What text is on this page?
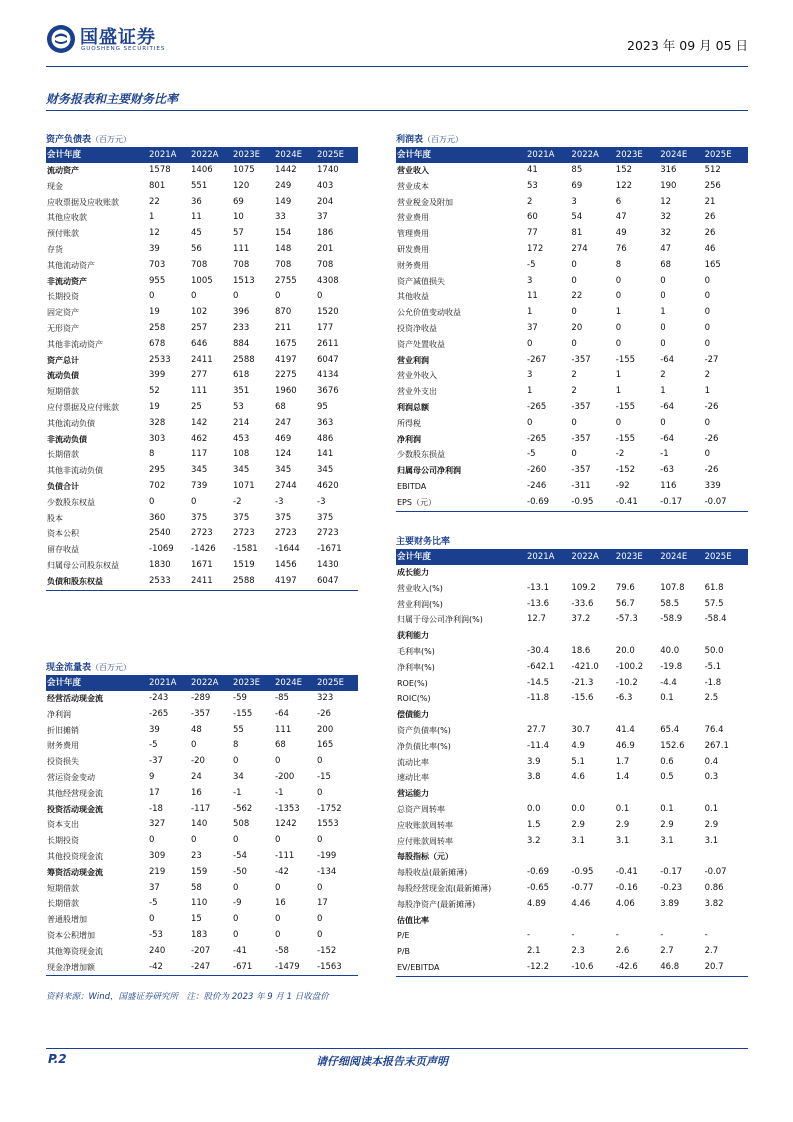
国盛证券
GUOSHENG SECURITIES	2023 年 09 月 05 日
财务报表和主要财务比率
资产负债表（百万元）
会计年度	2021A	2022A	2023E	2024E	2025E
流动资产	1578	1406	1075	1442	1740
现金	801	551	120	249	403
应收票据及应收账款	22	36	69	149	204
其他应收款	1	11	10	33	37
预付账款	12	45	57	154	186
存货	39	56	111	148	201
其他流动资产	703	708	708	708	708
非流动资产	955	1005	1513	2755	4308
长期投资	0	0	0	0	0
固定资产	19	102	396	870	1520
无形资产	258	257	233	211	177
其他非流动资产	678	646	884	1675	2611
资产总计	2533	2411	2588	4197	6047
流动负债	399	277	618	2275	4134
短期借款	52	111	351	1960	3676
应付票据及应付账款	19	25	53	68	95
其他流动负债	328	142	214	247	363
非流动负债	303	462	453	469	486
长期借款	8	117	108	124	141
其他非流动负债	295	345	345	345	345
负债合计	702	739	1071	2744	4620
少数股东权益	0	0	-2	-3	-3
股本	360	375	375	375	375
资本公积	2540	2723	2723	2723	2723
留存收益	-1069	-1426	-1581	-1644	-1671
归属母公司股东权益	1830	1671	1519	1456	1430
负债和股东权益	2533	2411	2588	4197	6047
利润表（百万元）
会计年度	2021A	2022A	2023E	2024E	2025E
营业收入	41	85	152	316	512
营业成本	53	69	122	190	256
营业税金及附加	2	3	6	12	21
营业费用	60	54	47	32	26
管理费用	77	81	49	32	26
研发费用	172	274	76	47	46
财务费用	-5	0	8	68	165
资产减值损失	3	0	0	0	0
其他收益	11	22	0	0	0
公允价值变动收益	1	0	1	1	0
投资净收益	37	20	0	0	0
资产处置收益	0	0	0	0	0
营业利润	-267	-357	-155	-64	-27
营业外收入	3	2	1	2	2
营业外支出	1	2	1	1	1
利润总额	-265	-357	-155	-64	-26
所得税	0	0	0	0	0
净利润	-265	-357	-155	-64	-26
少数股东损益	-5	0	-2	-1	0
归属母公司净利润	-260	-357	-152	-63	-26
EBITDA	-246	-311	-92	116	339
EPS（元）	-0.69	-0.95	-0.41	-0.17	-0.07
主要财务比率
会计年度	2021A	2022A	2023E	2024E	2025E
成长能力					
营业收入(%)	-13.1	109.2	79.6	107.8	61.8
营业利润(%)	-13.6	-33.6	56.7	58.5	57.5
归属于母公司净利润(%)	12.7	37.2	-57.3	-58.9	-58.4
获利能力					
毛利率(%)	-30.4	18.6	20.0	40.0	50.0
净利率(%)	-642.1	-421.0	-100.2	-19.8	-5.1
ROE(%)	-14.5	-21.3	-10.2	-4.4	-1.8
ROIC(%)	-11.8	-15.6	-6.3	0.1	2.5
偿债能力					
资产负债率(%)	27.7	30.7	41.4	65.4	76.4
净负债比率(%)	-11.4	4.9	46.9	152.6	267.1
流动比率	3.9	5.1	1.7	0.6	0.4
速动比率	3.8	4.6	1.4	0.5	0.3
营运能力					
总资产周转率	0.0	0.0	0.1	0.1	0.1
应收账款周转率	1.5	2.9	2.9	2.9	2.9
应付账款周转率	3.2	3.1	3.1	3.1	3.1
每股指标（元）					
每股收益(最新摊薄)	-0.69	-0.95	-0.41	-0.17	-0.07
每股经营现金流(最新摊薄)	-0.65	-0.77	-0.16	-0.23	0.86
每股净资产(最新摊薄)	4.89	4.46	4.06	3.89	3.82
估值比率					
P/E	-	-	-	-	-
P/B	2.1	2.3	2.6	2.7	2.7
EV/EBITDA	-12.2	-10.6	-42.6	46.8	20.7
现金流量表（百万元）
会计年度	2021A	2022A	2023E	2024E	2025E
经营活动现金流	-243	-289	-59	-85	323
净利润	-265	-357	-155	-64	-26
折旧摊销	39	48	55	111	200
财务费用	-5	0	8	68	165
投资损失	-37	-20	0	0	0
营运资金变动	9	24	34	-200	-15
其他经营现金流	17	16	-1	-1	0
投资活动现金流	-18	-117	-562	-1353	-1752
资本支出	327	140	508	1242	1553
长期投资	0	0	0	0	0
其他投资现金流	309	23	-54	-111	-199
筹资活动现金流	219	159	-50	-42	-134
短期借款	37	58	0	0	0
长期借款	-5	110	-9	16	17
普通股增加	0	15	0	0	0
资本公积增加	-53	183	0	0	0
其他筹资现金流	240	-207	-41	-58	-152
现金净增加额	-42	-247	-671	-1479	-1563
资料来源：Wind，国盛证券研究所　注：股价为 2023 年 9 月 1 日收盘价
P.2	请仔细阅读本报告末页声明
